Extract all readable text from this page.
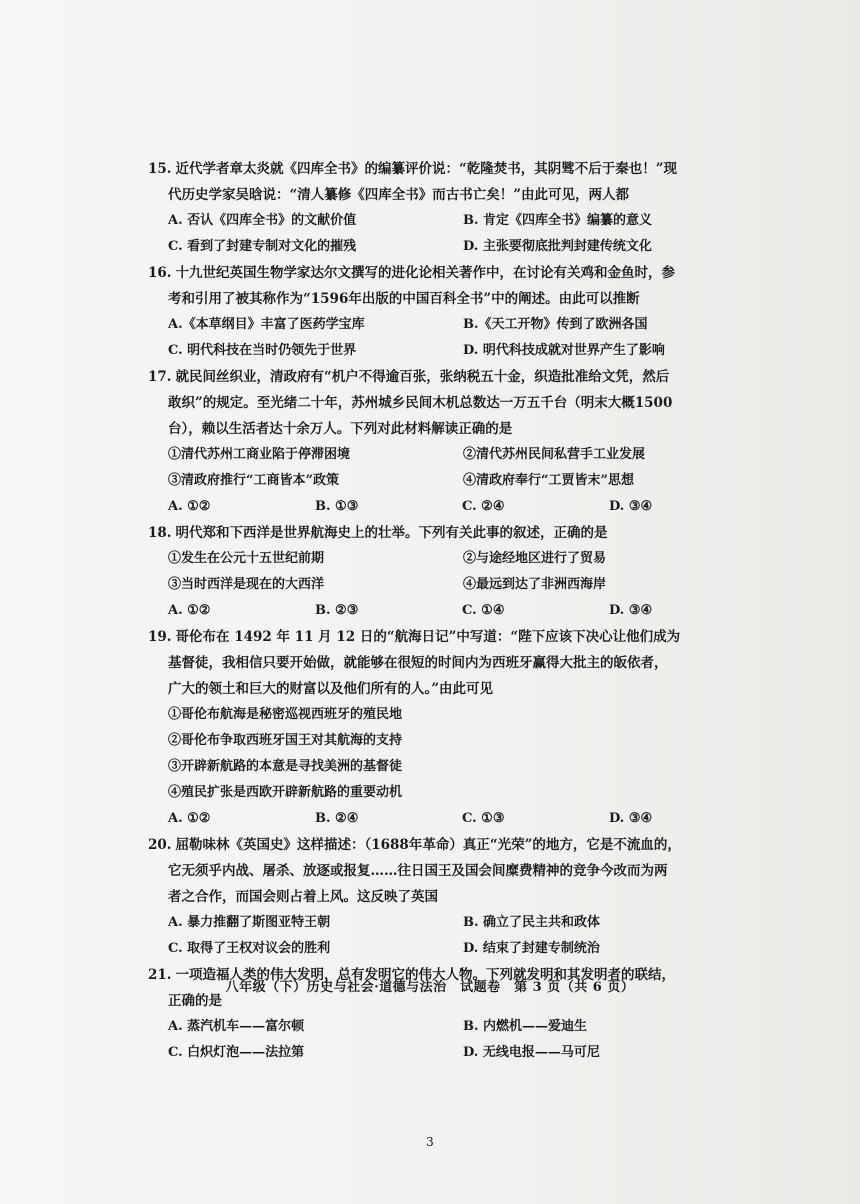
15. 近代学者章太炎就《四库全书》的编纂评价说：“乾隆焚书，其阴骘不后于秦也！”现
代历史学家吴晗说：“清人纂修《四库全书》而古书亡矣！”由此可见，两人都
A. 否认《四库全书》的文献价值	B. 肯定《四库全书》编纂的意义
C. 看到了封建专制对文化的摧残	D. 主张要彻底批判封建传统文化
16. 十九世纪英国生物学家达尔文撰写的进化论相关著作中，在讨论有关鸡和金鱼时，参
考和引用了被其称作为“1596年出版的中国百科全书”中的阐述。由此可以推断
A.《本草纲目》丰富了医药学宝库	B.《天工开物》传到了欧洲各国
C. 明代科技在当时仍领先于世界	D. 明代科技成就对世界产生了影响
17. 就民间丝织业，清政府有“机户不得逾百张，张纳税五十金，织造批准给文凭，然后
敢织”的规定。至光绪二十年，苏州城乡民间木机总数达一万五千台（明末大概1500
台），赖以生活者达十余万人。下列对此材料解读正确的是
①清代苏州工商业陷于停滞困境	②清代苏州民间私营手工业发展
③清政府推行“工商皆本”政策	④清政府奉行“工贾皆末”思想
A. ①②	B. ①③	C. ②④	D. ③④
18. 明代郑和下西洋是世界航海史上的壮举。下列有关此事的叙述，正确的是
①发生在公元十五世纪前期	②与途经地区进行了贸易
③当时西洋是现在的大西洋	④最远到达了非洲西海岸
A. ①②	B. ②③	C. ①④	D. ③④
19. 哥伦布在 1492 年 11 月 12 日的“航海日记”中写道：“陛下应该下决心让他们成为
基督徒，我相信只要开始做，就能够在很短的时间内为西班牙赢得大批主的皈依者，
广大的领土和巨大的财富以及他们所有的人。”由此可见
①哥伦布航海是秘密巡视西班牙的殖民地
②哥伦布争取西班牙国王对其航海的支持
③开辟新航路的本意是寻找美洲的基督徒
④殖民扩张是西欧开辟新航路的重要动机
A. ①②	B. ②④	C. ①③	D. ③④
20. 屈勒味林《英国史》这样描述：（1688年革命）真正“光荣”的地方，它是不流血的，
它无须乎内战、屠杀、放逐或报复……往日国王及国会间糜费精神的竞争今改而为两
者之合作，而国会则占着上风。这反映了英国
A. 暴力推翻了斯图亚特王朝	B. 确立了民主共和政体
C. 取得了王权对议会的胜利	D. 结束了封建专制统治
21. 一项造福人类的伟大发明，总有发明它的伟大人物。下列就发明和其发明者的联结，
正确的是
A. 蒸汽机车——富尔顿	B. 内燃机——爱迪生
C. 白炽灯泡——法拉第	D. 无线电报——马可尼
八年级（下）历史与社会·道德与法治　试题卷　第 3 页（共 6 页）
3
